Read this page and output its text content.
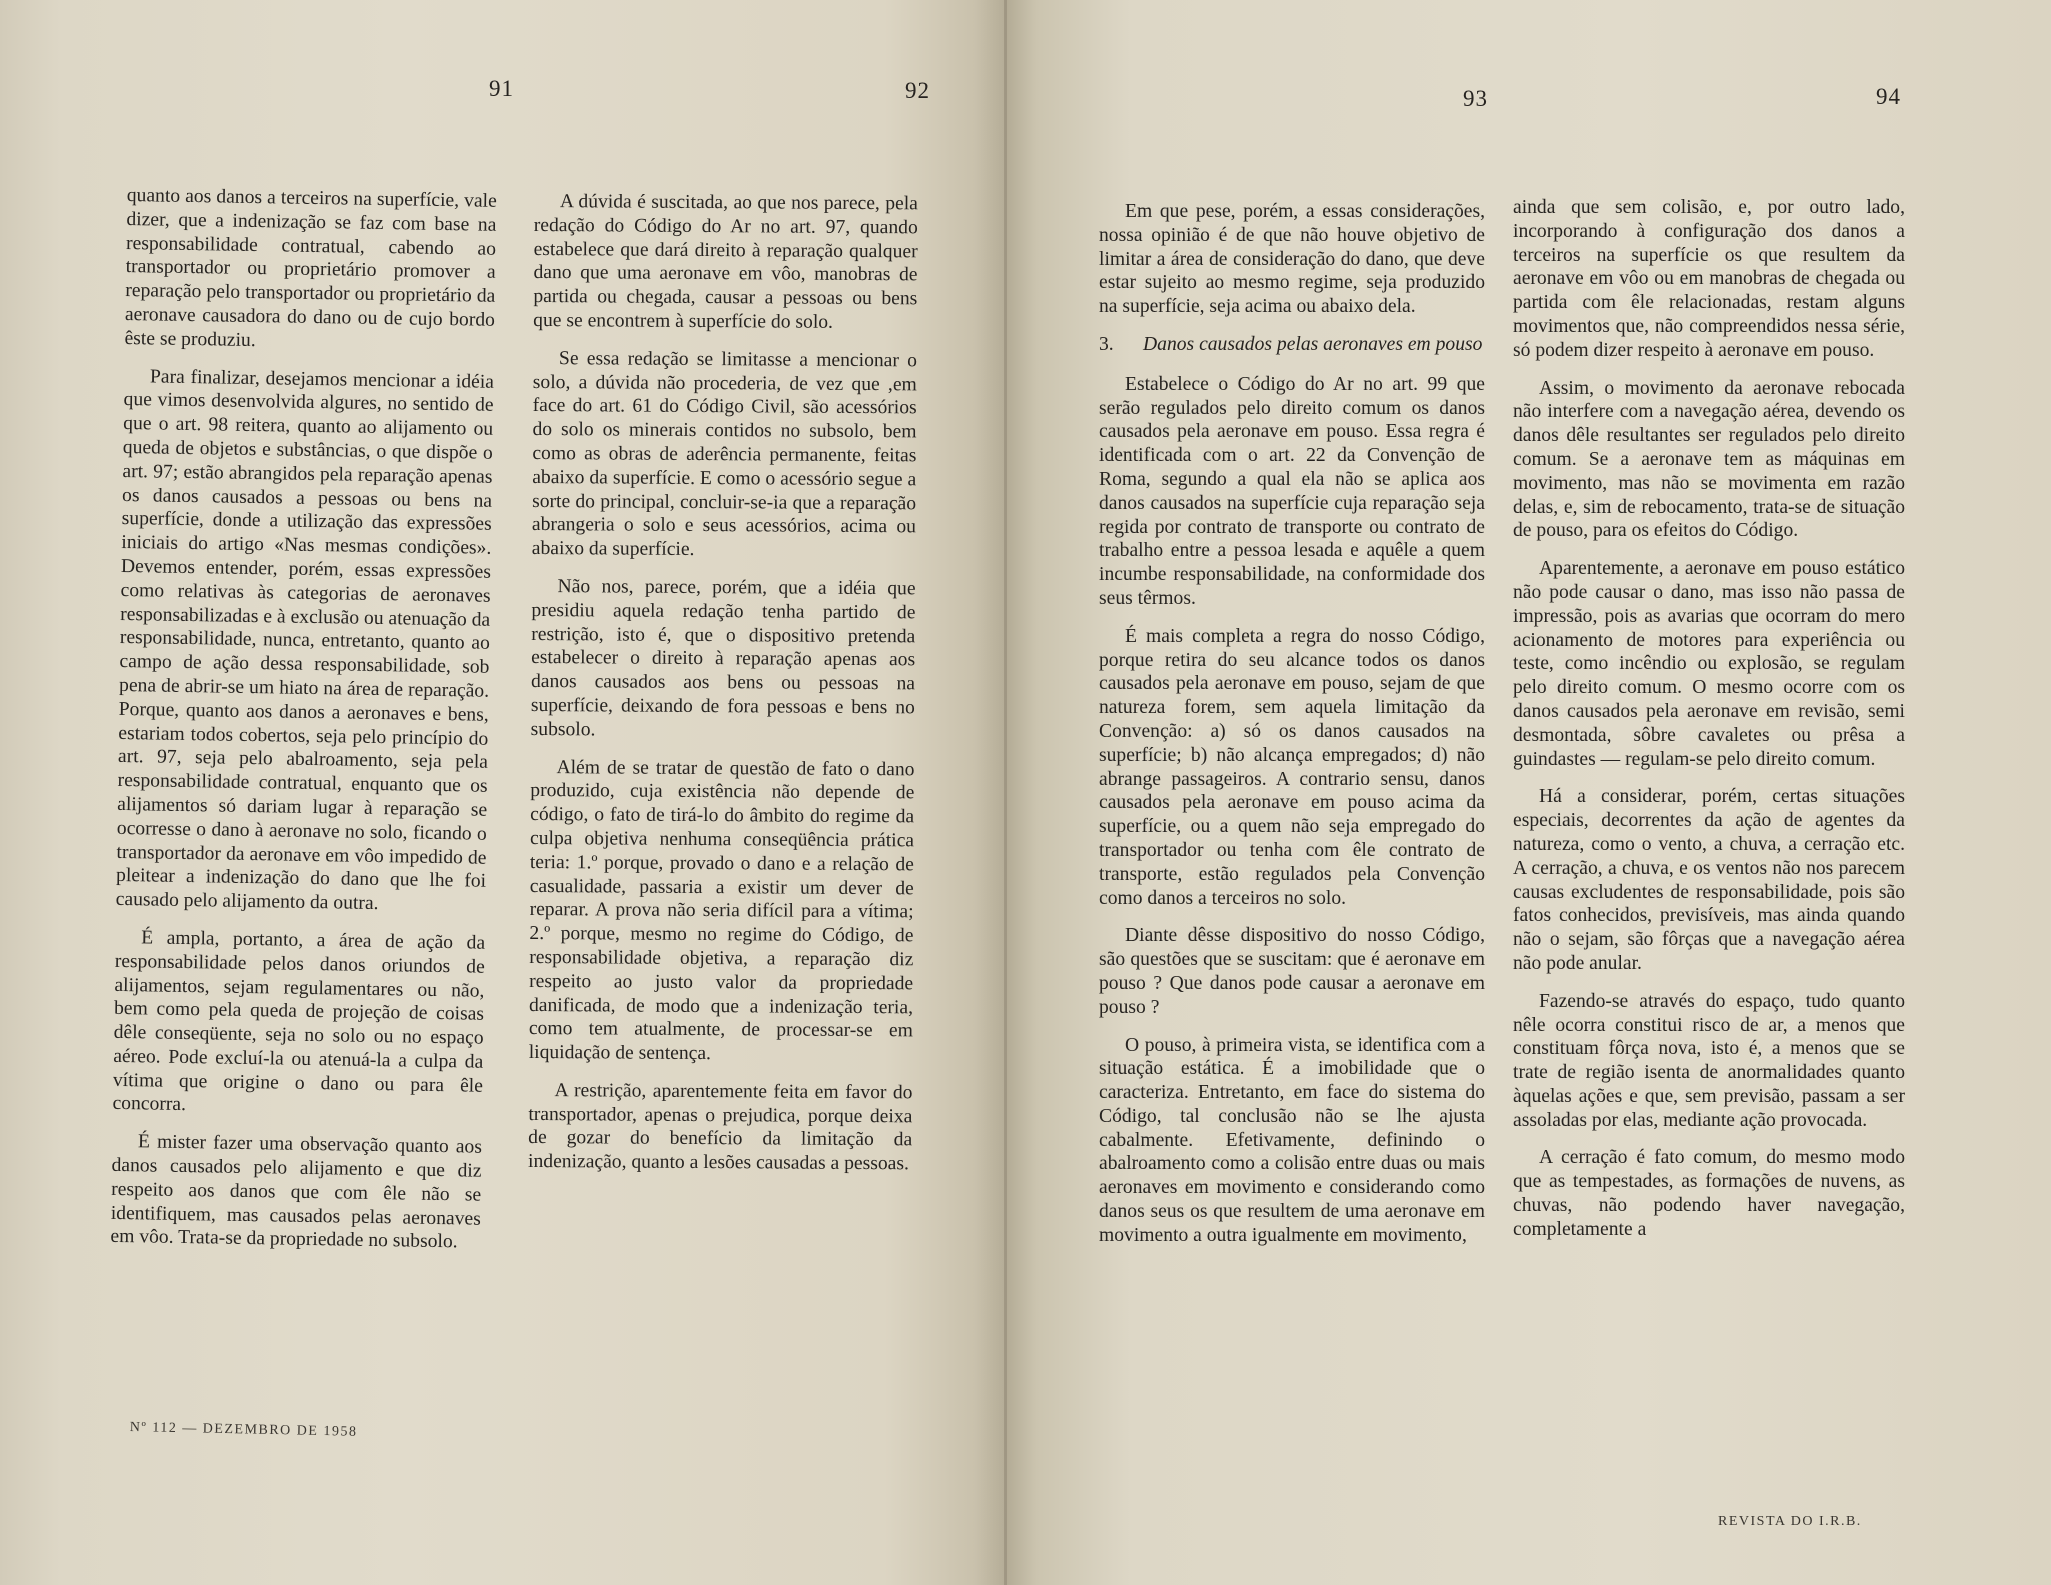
91	92

quanto aos danos a terceiros na superfície, vale dizer, que a indenização se faz com base na responsabilidade contratual, cabendo ao transportador ou proprietário promover a reparação pelo transportador ou proprietário da aeronave causadora do dano ou de cujo bordo êste se produziu.

Para finalizar, desejamos mencionar a idéia que vimos desenvolvida algures, no sentido de que o art. 98 reitera, quanto ao alijamento ou queda de objetos e substâncias, o que dispõe o art. 97; estão abrangidos pela reparação apenas os danos causados a pessoas ou bens na superfície, donde a utilização das expressões iniciais do artigo «Nas mesmas condições». Devemos entender, porém, essas expressões como relativas às categorias de aeronaves responsabilizadas e à exclusão ou atenuação da responsabilidade, nunca, entretanto, quanto ao campo de ação dessa responsabilidade, sob pena de abrir-se um hiato na área de reparação. Porque, quanto aos danos a aeronaves e bens, estariam todos cobertos, seja pelo princípio do art. 97, seja pelo abalroamento, seja pela responsabilidade contratual, enquanto que os alijamentos só dariam lugar à reparação se ocorresse o dano à aeronave no solo, ficando o transportador da aeronave em vôo impedido de pleitear a indenização do dano que lhe foi causado pelo alijamento da outra.

É ampla, portanto, a área de ação da responsabilidade pelos danos oriundos de alijamentos, sejam regulamentares ou não, bem como pela queda de projeção de coisas dêle conseqüente, seja no solo ou no espaço aéreo. Pode excluí-la ou atenuá-la a culpa da vítima que origine o dano ou para êle concorra.

É mister fazer uma observação quanto aos danos causados pelo alijamento e que diz respeito aos danos que com êle não se identifiquem, mas causados pelas aeronaves em vôo. Trata-se da propriedade no subsolo.

A dúvida é suscitada, ao que nos parece, pela redação do Código do Ar no art. 97, quando estabelece que dará direito à reparação qualquer dano que uma aeronave em vôo, manobras de partida ou chegada, causar a pessoas ou bens que se encontrem à superfície do solo.

Se essa redação se limitasse a mencionar o solo, a dúvida não procederia, de vez que ,em face do art. 61 do Código Civil, são acessórios do solo os minerais contidos no subsolo, bem como as obras de aderência permanente, feitas abaixo da superfície. E como o acessório segue a sorte do principal, concluir-se-ia que a reparação abrangeria o solo e seus acessórios, acima ou abaixo da superfície.

Não nos, parece, porém, que a idéia que presidiu aquela redação tenha partido de restrição, isto é, que o dispositivo pretenda estabelecer o direito à reparação apenas aos danos causados aos bens ou pessoas na superfície, deixando de fora pessoas e bens no subsolo.

Além de se tratar de questão de fato o dano produzido, cuja existência não depende de código, o fato de tirá-lo do âmbito do regime da culpa objetiva nenhuma conseqüência prática teria: 1.º porque, provado o dano e a relação de casualidade, passaria a existir um dever de reparar. A prova não seria difícil para a vítima; 2.º porque, mesmo no regime do Código, de responsabilidade objetiva, a reparação diz respeito ao justo valor da propriedade danificada, de modo que a indenização teria, como tem atualmente, de processar-se em liquidação de sentença.

A restrição, aparentemente feita em favor do transportador, apenas o prejudica, porque deixa de gozar do benefício da limitação da indenização, quanto a lesões causadas a pessoas.

Nº 112 — DEZEMBRO DE 1958
93	94

Em que pese, porém, a essas considerações, nossa opinião é de que não houve objetivo de limitar a área de consideração do dano, que deve estar sujeito ao mesmo regime, seja produzido na superfície, seja acima ou abaixo dela.

3. Danos causados pelas aeronaves em pouso

Estabelece o Código do Ar no art. 99 que serão regulados pelo direito comum os danos causados pela aeronave em pouso. Essa regra é identificada com o art. 22 da Convenção de Roma, segundo a qual ela não se aplica aos danos causados na superfície cuja reparação seja regida por contrato de transporte ou contrato de trabalho entre a pessoa lesada e aquêle a quem incumbe responsabilidade, na conformidade dos seus têrmos.

É mais completa a regra do nosso Código, porque retira do seu alcance todos os danos causados pela aeronave em pouso, sejam de que natureza forem, sem aquela limitação da Convenção: a) só os danos causados na superfície; b) não alcança empregados; d) não abrange passageiros. A contrario sensu, danos causados pela aeronave em pouso acima da superfície, ou a quem não seja empregado do transportador ou tenha com êle contrato de transporte, estão regulados pela Convenção como danos a terceiros no solo.

Diante dêsse dispositivo do nosso Código, são questões que se suscitam: que é aeronave em pouso ? Que danos pode causar a aeronave em pouso ?

O pouso, à primeira vista, se identifica com a situação estática. É a imobilidade que o caracteriza. Entretanto, em face do sistema do Código, tal conclusão não se lhe ajusta cabalmente. Efetivamente, definindo o abalroamento como a colisão entre duas ou mais aeronaves em movimento e considerando como danos seus os que resultem de uma aeronave em movimento a outra igualmente em movimento,

ainda que sem colisão, e, por outro lado, incorporando à configuração dos danos a terceiros na superfície os que resultem da aeronave em vôo ou em manobras de chegada ou partida com êle relacionadas, restam alguns movimentos que, não compreendidos nessa série, só podem dizer respeito à aeronave em pouso.

Assim, o movimento da aeronave rebocada não interfere com a navegação aérea, devendo os danos dêle resultantes ser regulados pelo direito comum. Se a aeronave tem as máquinas em movimento, mas não se movimenta em razão delas, e, sim de rebocamento, trata-se de situação de pouso, para os efeitos do Código.

Aparentemente, a aeronave em pouso estático não pode causar o dano, mas isso não passa de impressão, pois as avarias que ocorram do mero acionamento de motores para experiência ou teste, como incêndio ou explosão, se regulam pelo direito comum. O mesmo ocorre com os danos causados pela aeronave em revisão, semi desmontada, sôbre cavaletes ou prêsa a guindastes — regulam-se pelo direito comum.

Há a considerar, porém, certas situações especiais, decorrentes da ação de agentes da natureza, como o vento, a chuva, a cerração etc. A cerração, a chuva, e os ventos não nos parecem causas excludentes de responsabilidade, pois são fatos conhecidos, previsíveis, mas ainda quando não o sejam, são fôrças que a navegação aérea não pode anular.

Fazendo-se através do espaço, tudo quanto nêle ocorra constitui risco de ar, a menos que constituam fôrça nova, isto é, a menos que se trate de região isenta de anormalidades quanto àquelas ações e que, sem previsão, passam a ser assoladas por elas, mediante ação provocada.

A cerração é fato comum, do mesmo modo que as tempestades, as formações de nuvens, as chuvas, não podendo haver navegação, completamente a

REVISTA DO I.R.B.
